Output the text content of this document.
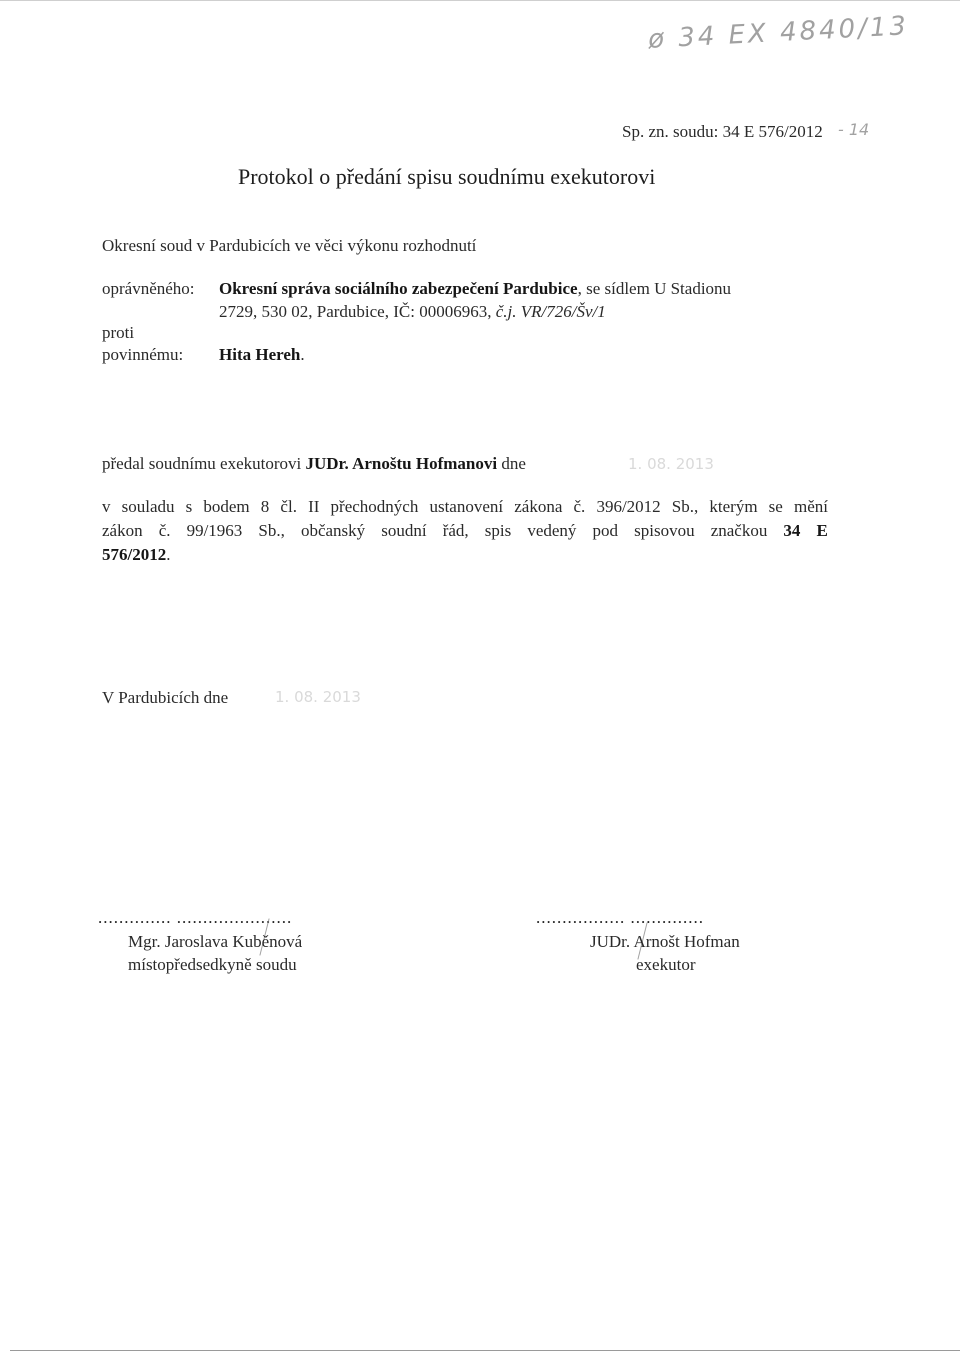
ø 34 EX 4840/13
Sp. zn. soudu: 34 E 576/2012 - 14
Protokol o předání spisu soudnímu exekutorovi
Okresní soud v Pardubicích ve věci výkonu rozhodnutí
oprávněného: Okresní správa sociálního zabezpečení Pardubice, se sídlem U Stadionu
2729, 530 02, Pardubice, IČ: 00006963, č.j. VR/726/Šv/1
proti
povinnému: Hita Hereh.
předal soudnímu exekutorovi JUDr. Arnoštu Hofmanovi dne	1. 08. 2013
v souladu s bodem 8 čl. II přechodných ustanovení zákona č. 396/2012 Sb., kterým se mění
zákon č. 99/1963 Sb., občanský soudní řád, spis vedený pod spisovou značkou 34 E
576/2012.
V Pardubicích dne	1. 08. 2013
.............. ......................
Mgr. Jaroslava Kuběnová
místopředsedkyně soudu
................. ..............
JUDr. Arnošt Hofman
exekutor
